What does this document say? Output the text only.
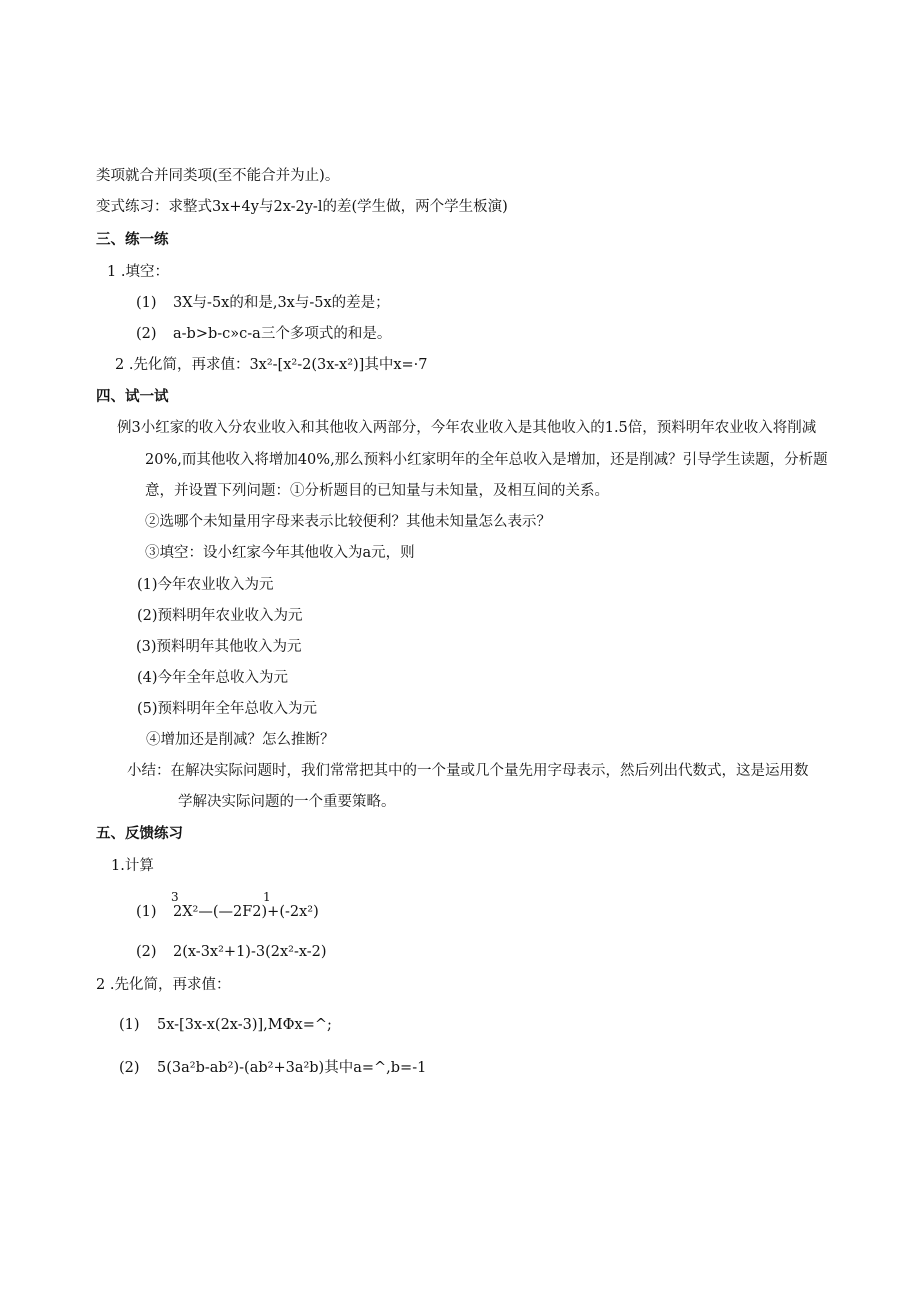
类项就合并同类项(至不能合并为止)。
变式练习：求整式3x+4y与2x-2y-l的差(学生做，两个学生板演)
三、练一练
1 .填空：
(1) 3X与-5x的和是,3x与-5x的差是；
(2) a-b>b-c»c-a三个多项式的和是。
2 .先化简，再求值：3x²-[x²-2(3x-x²)]其中x=·7
四、试一试
例3小红家的收入分农业收入和其他收入两部分，今年农业收入是其他收入的1.5倍，预料明年农业收入将削减
20%,而其他收入将增加40%,那么预料小红家明年的全年总收入是增加，还是削减？引导学生读题，分析题
意，并设置下列问题：①分析题目的已知量与未知量，及相互间的关系。
②选哪个未知量用字母来表示比较便利？其他未知量怎么表示？
③填空：设小红家今年其他收入为a元，则
(1)今年农业收入为元
(2)预料明年农业收入为元
(3)预料明年其他收入为元
(4)今年全年总收入为元
(5)预料明年全年总收入为元
④增加还是削减？怎么推断？
小结：在解决实际问题时，我们常常把其中的一个量或几个量先用字母表示，然后列出代数式，这是运用数
学解决实际问题的一个重要策略。
五、反馈练习
1.计算
3	1
(1) 2X²—(—2F2)+(-2x²)
(2) 2(x-3x²+1)-3(2x²-x-2)
2 .先化简，再求值：
(1) 5x-[3x-x(2x-3)],MΦx=^;
(2) 5(3a²b-ab²)-(ab²+3a²b)其中a=^,b=-1
